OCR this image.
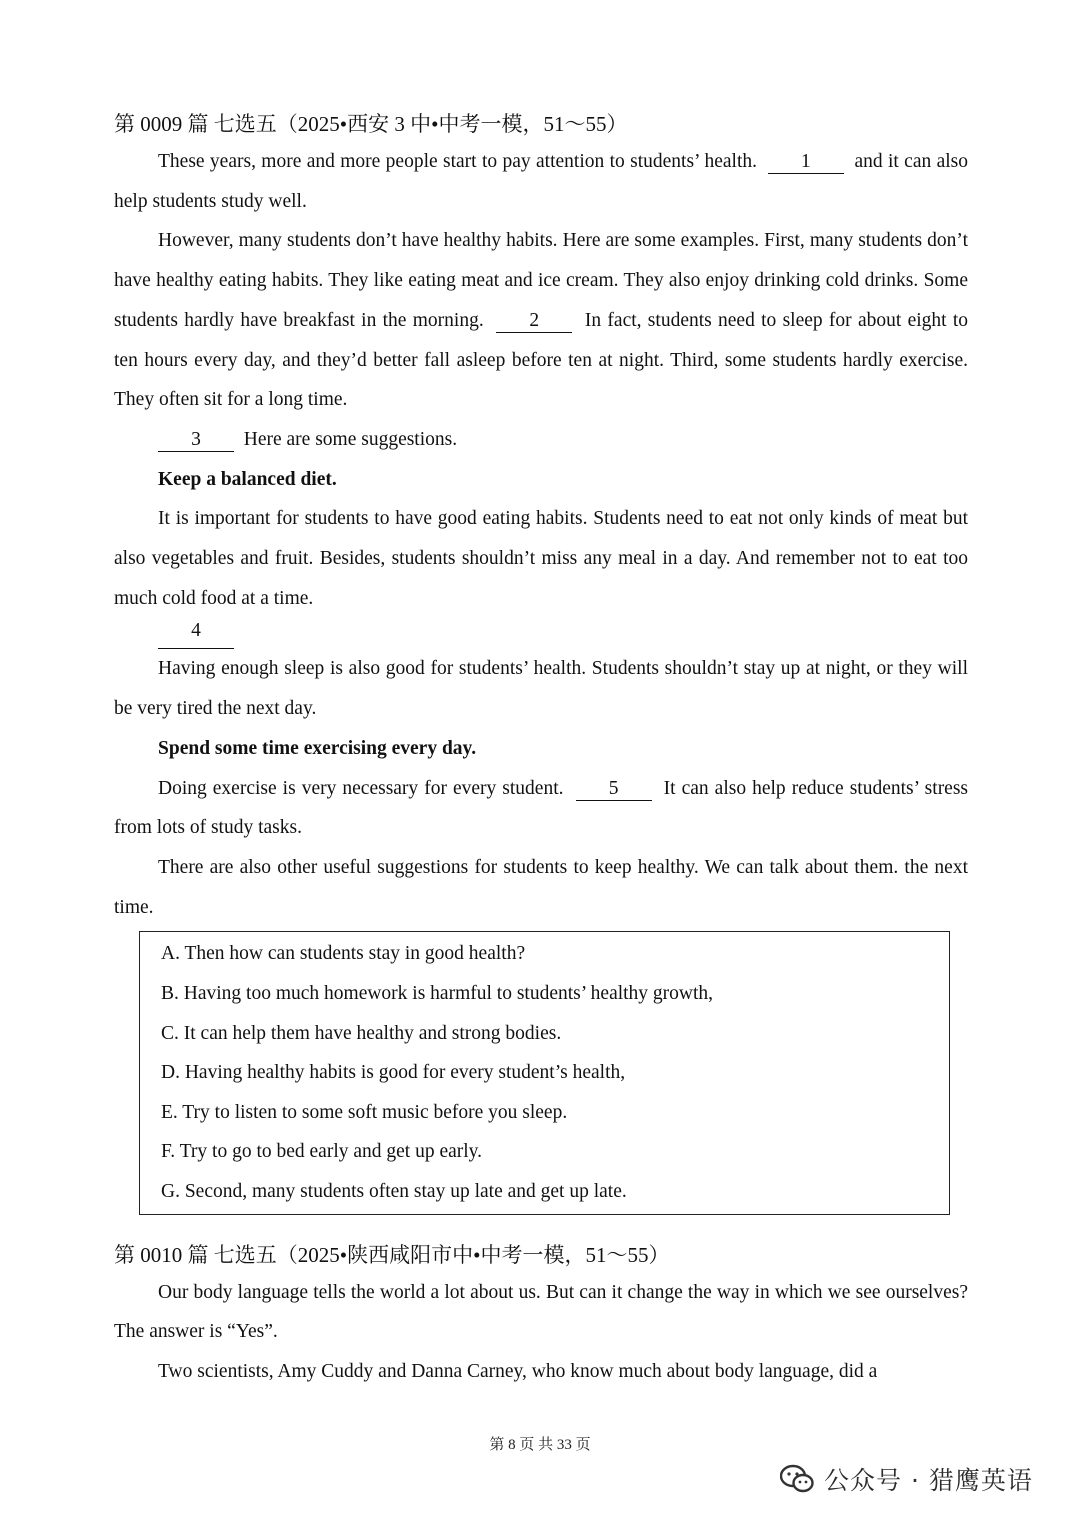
第 0009 篇 七选五（2025•西安 3 中•中考一模，51～55）

These years, more and more people start to pay attention to students’ health. 1 and it can also help students study well.

However, many students don’t have healthy habits. Here are some examples. First, many students don’t have healthy eating habits. They like eating meat and ice cream. They also enjoy drinking cold drinks. Some students hardly have breakfast in the morning. 2 In fact, students need to sleep for about eight to ten hours every day, and they’d better fall asleep before ten at night. Third, some students hardly exercise. They often sit for a long time.

3 Here are some suggestions.

Keep a balanced diet.

It is important for students to have good eating habits. Students need to eat not only kinds of meat but also vegetables and fruit. Besides, students shouldn’t miss any meal in a day. And remember not to eat too much cold food at a time.

4

Having enough sleep is also good for students’ health. Students shouldn’t stay up at night, or they will be very tired the next day.

Spend some time exercising every day.

Doing exercise is very necessary for every student. 5 It can also help reduce students’ stress from lots of study tasks.

There are also other useful suggestions for students to keep healthy. We can talk about them. the next time.

A. Then how can students stay in good health?
B. Having too much homework is harmful to students’ healthy growth,
C. It can help them have healthy and strong bodies.
D. Having healthy habits is good for every student’s health,
E. Try to listen to some soft music before you sleep.
F. Try to go to bed early and get up early.
G. Second, many students often stay up late and get up late.
第 0010 篇 七选五（2025•陕西咸阳市中•中考一模，51～55）

Our body language tells the world a lot about us. But can it change the way in which we see ourselves? The answer is “Yes”.

Two scientists, Amy Cuddy and Danna Carney, who know much about body language, did a

第 8 页 共 33 页
公众号 · 猎鹰英语
